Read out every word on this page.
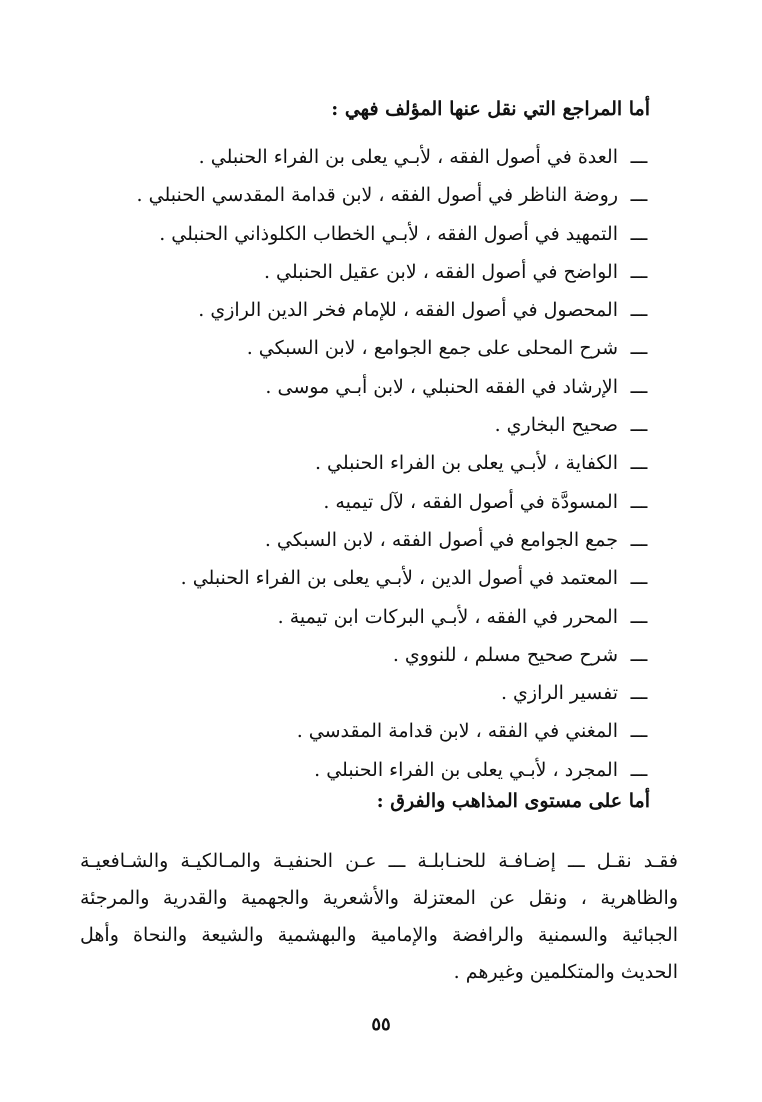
أما المراجع التي نقل عنها المؤلف فهي :
ـــالعدة في أصول الفقه ، لأبـي يعلى بن الفراء الحنبلي .
ـــروضة الناظر في أصول الفقه ، لابن قدامة المقدسي الحنبلي .
ـــالتمهيد في أصول الفقه ، لأبـي الخطاب الكلوذاني الحنبلي .
ـــالواضح في أصول الفقه ، لابن عقيل الحنبلي .
ـــالمحصول في أصول الفقه ، للإمام فخر الدين الرازي .
ـــشرح المحلى على جمع الجوامع ، لابن السبكي .
ـــالإرشاد في الفقه الحنبلي ، لابن أبـي موسى .
ـــصحيح البخاري .
ـــالكفاية ، لأبـي يعلى بن الفراء الحنبلي .
ـــالمسودَّة في أصول الفقه ، لآل تيميه .
ـــجمع الجوامع في أصول الفقه ، لابن السبكي .
ـــالمعتمد في أصول الدين ، لأبـي يعلى بن الفراء الحنبلي .
ـــالمحرر في الفقه ، لأبـي البركات ابن تيمية .
ـــشرح صحيح مسلم ، للنووي .
ـــتفسير الرازي .
ـــالمغني في الفقه ، لابن قدامة المقدسي .
ـــالمجرد ، لأبـي يعلى بن الفراء الحنبلي .
أما على مستوى المذاهب والفرق :

فقـد نقـل ـــ إضـافـة للحنـابلـة ـــ عـن الحنفيـة والمـالكيـة والشـافعيـة والظاهرية ، ونقل عن المعتزلة والأشعرية والجهمية والقدرية والمرجئة الجبائية والسمنية والرافضة والإمامية والبهشمية والشيعة والنحاة وأهل الحديث والمتكلمين وغيرهم .

٥٥
